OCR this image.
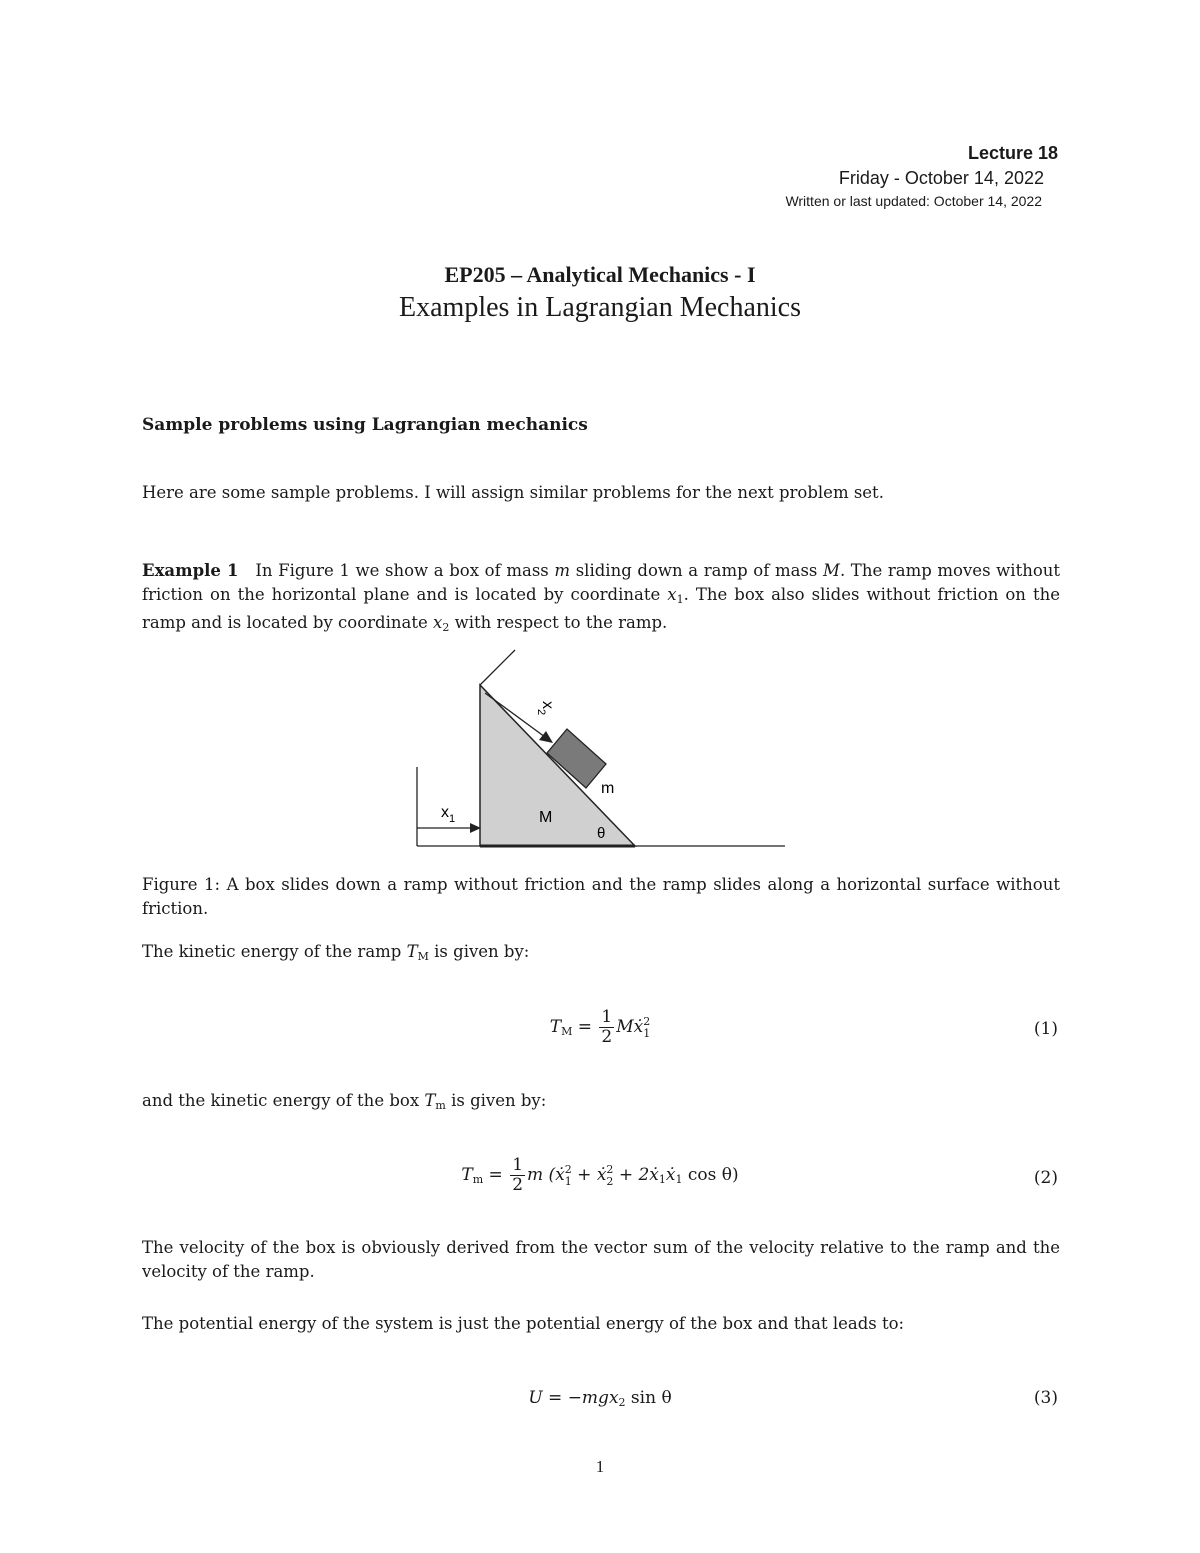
Lecture 18
Friday - October 14, 2022
Written or last updated: October 14, 2022
EP205 – Analytical Mechanics - I
Examples in Lagrangian Mechanics
Sample problems using Lagrangian mechanics
Here are some sample problems. I will assign similar problems for the next problem set.
Example 1 In Figure 1 we show a box of mass m sliding down a ramp of mass M. The ramp moves without friction on the horizontal plane and is located by coordinate $x_1$. The box also slides without friction on the ramp and is located by coordinate $x_2$ with respect to the ramp.
$x_1$
$x_2$
M
m
θ
Figure 1: A box slides down a ramp without friction and the ramp slides along a horizontal surface without friction.
The kinetic energy of the ramp $T_M$ is given by:
$T_M = \frac{1}{2}$ Mẋ 2
1	(1)
and the kinetic energy of the box $T_m$ is given by:
$T_m = \frac{1}{2}$ m (ẋ 2
1 + ẋ 2
2 + 2ẋ$_1$ẋ$_1$ cos θ)	(2)
The velocity of the box is obviously derived from the vector sum of the velocity relative to the ramp and the velocity of the ramp.
The potential energy of the system is just the potential energy of the box and that leads to:
U = −mgx$_2$ sin θ	(3)
1
